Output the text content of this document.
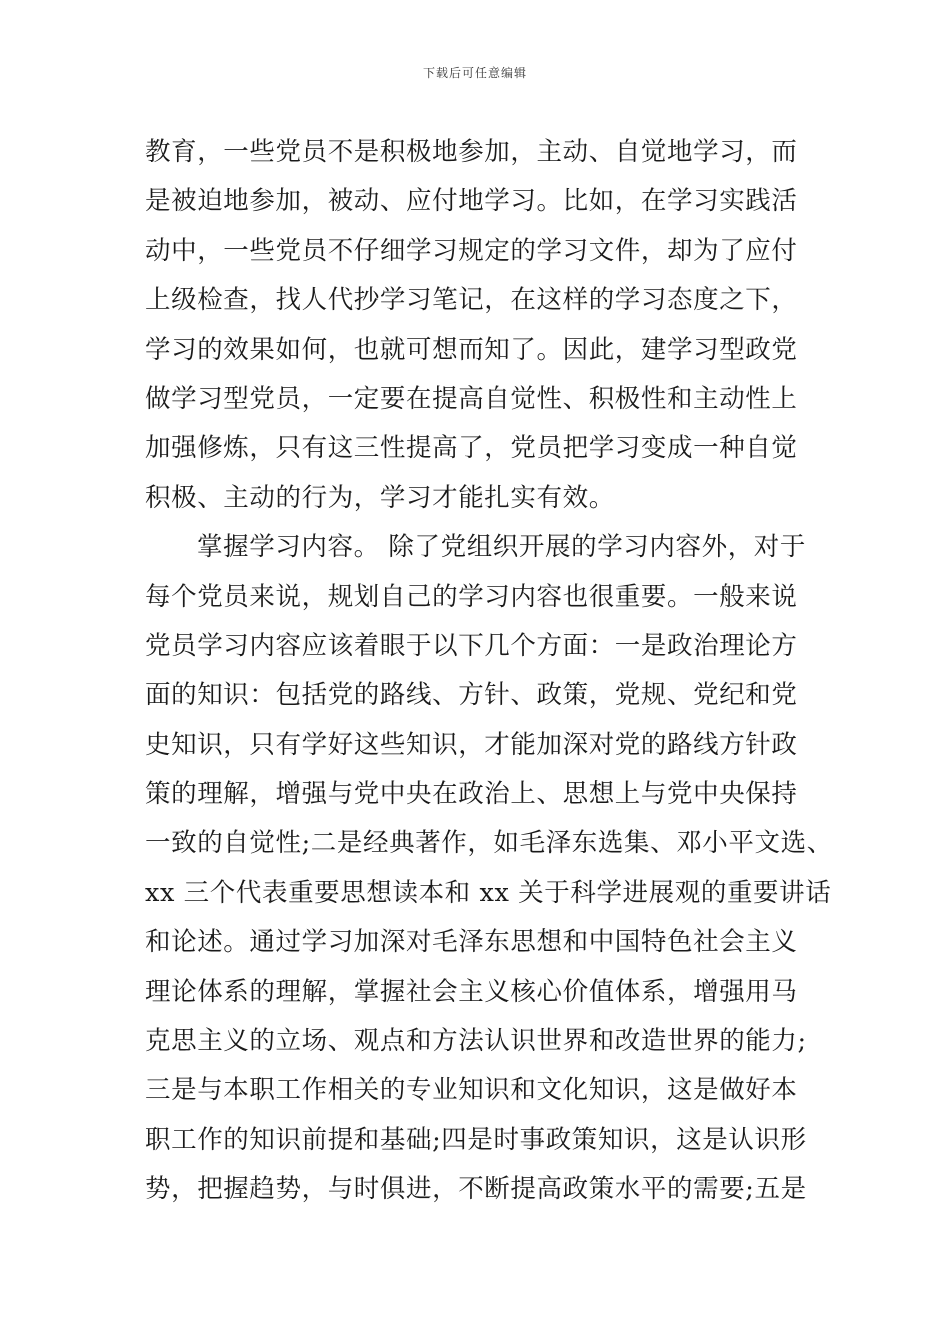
下载后可任意编辑
教育，一些党员不是积极地参加，主动、自觉地学习，而
是被迫地参加，被动、应付地学习。比如，在学习实践活
动中，一些党员不仔细学习规定的学习文件，却为了应付
上级检查，找人代抄学习笔记，在这样的学习态度之下，
学习的效果如何，也就可想而知了。因此，建学习型政党
做学习型党员，一定要在提高自觉性、积极性和主动性上
加强修炼，只有这三性提高了，党员把学习变成一种自觉
积极、主动的行为，学习才能扎实有效。
掌握学习内容。 除了党组织开展的学习内容外，对于
每个党员来说，规划自己的学习内容也很重要。一般来说
党员学习内容应该着眼于以下几个方面：一是政治理论方
面的知识：包括党的路线、方针、政策，党规、党纪和党
史知识，只有学好这些知识，才能加深对党的路线方针政
策的理解，增强与党中央在政治上、思想上与党中央保持
一致的自觉性;二是经典著作，如毛泽东选集、邓小平文选、
xx 三个代表重要思想读本和 xx 关于科学进展观的重要讲话
和论述。通过学习加深对毛泽东思想和中国特色社会主义
理论体系的理解，掌握社会主义核心价值体系，增强用马
克思主义的立场、观点和方法认识世界和改造世界的能力;
三是与本职工作相关的专业知识和文化知识，这是做好本
职工作的知识前提和基础;四是时事政策知识，这是认识形
势，把握趋势，与时俱进，不断提高政策水平的需要;五是
